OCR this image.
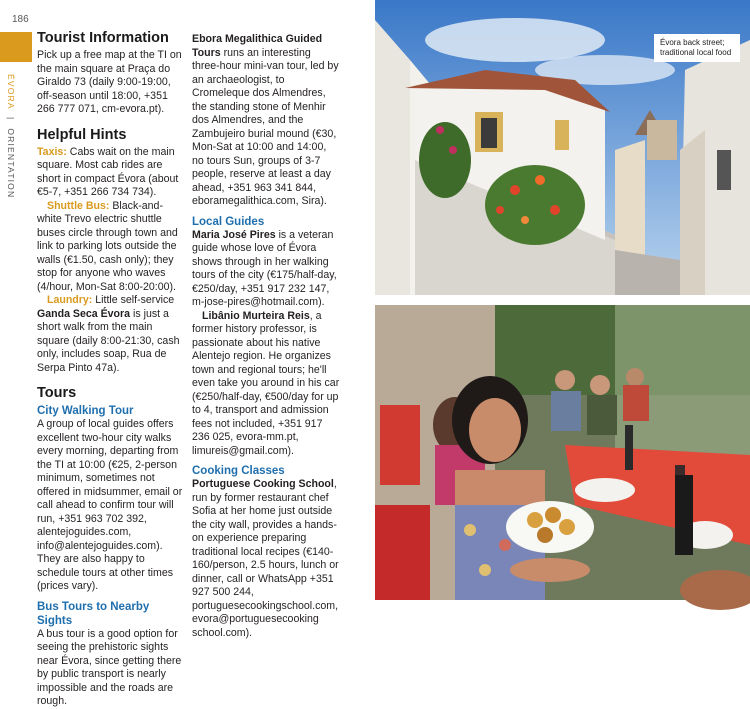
186
ÉVORA | ORIENTATION
Tourist Information

Pick up a free map at the TI on the main square at Praça do Giraldo 73 (daily 9:00-19:00, off-season until 18:00, +351 266 777 071, cm-evora.pt).

Helpful Hints

Taxis: Cabs wait on the main square. Most cab rides are short in compact Évora (about €5-7, +351 266 734 734).

Shuttle Bus: Black-and-white Trevo electric shuttle buses circle through town and link to parking lots outside the walls (€1.50, cash only); they stop for anyone who waves (4/hour, Mon-Sat 8:00-20:00).

Laundry: Little self-service Ganda Seca Évora is just a short walk from the main square (daily 8:00-21:30, cash only, includes soap, Rua de Serpa Pinto 47a).

Tours
City Walking Tour

A group of local guides offers excellent two-hour city walks every morning, departing from the TI at 10:00 (€25, 2-person minimum, sometimes not offered in midsummer, email or call ahead to confirm tour will run, +351 963 702 392, alentejoguides.com, info@alentejoguides.com). They are also happy to schedule tours at other times (prices vary).

Bus Tours to Nearby Sights

A bus tour is a good option for seeing the prehistoric sights near Évora, since getting there by public transport is nearly impossible and the roads are rough.

Ebora Megalithica Guided Tours runs an interesting three-hour mini-van tour, led by an archaeologist, to Cromeleque dos Almendres, the standing stone of Menhir dos Almendres, and the Zambujeiro burial mound (€30, Mon-Sat at 10:00 and 14:00, no tours Sun, groups of 3-7 people, reserve at least a day ahead, +351 963 341 844, eboramegalithica.com, Sira).

Local Guides

Maria José Pires is a veteran guide whose love of Évora shows through in her walking tours of the city (€175/half-day, €250/day, +351 917 232 147, m-jose-pires@hotmail.com).

Libânio Murteira Reis, a former history professor, is passionate about his native Alentejo region. He organizes town and regional tours; he'll even take you around in his car (€250/half-day, €500/day for up to 4, transport and admission fees not included, +351 917 236 025, evora-mm.pt, limureis@gmail.com).

Cooking Classes

Portuguese Cooking School, run by former restaurant chef Sofia at her home just outside the city wall, provides a hands-on experience preparing traditional local recipes (€140-160/person, 2.5 hours, lunch or dinner, call or WhatsApp +351 927 500 244, portuguesecookingschool.com, evora@portuguesecooking school.com).

Évora back street; traditional local food
